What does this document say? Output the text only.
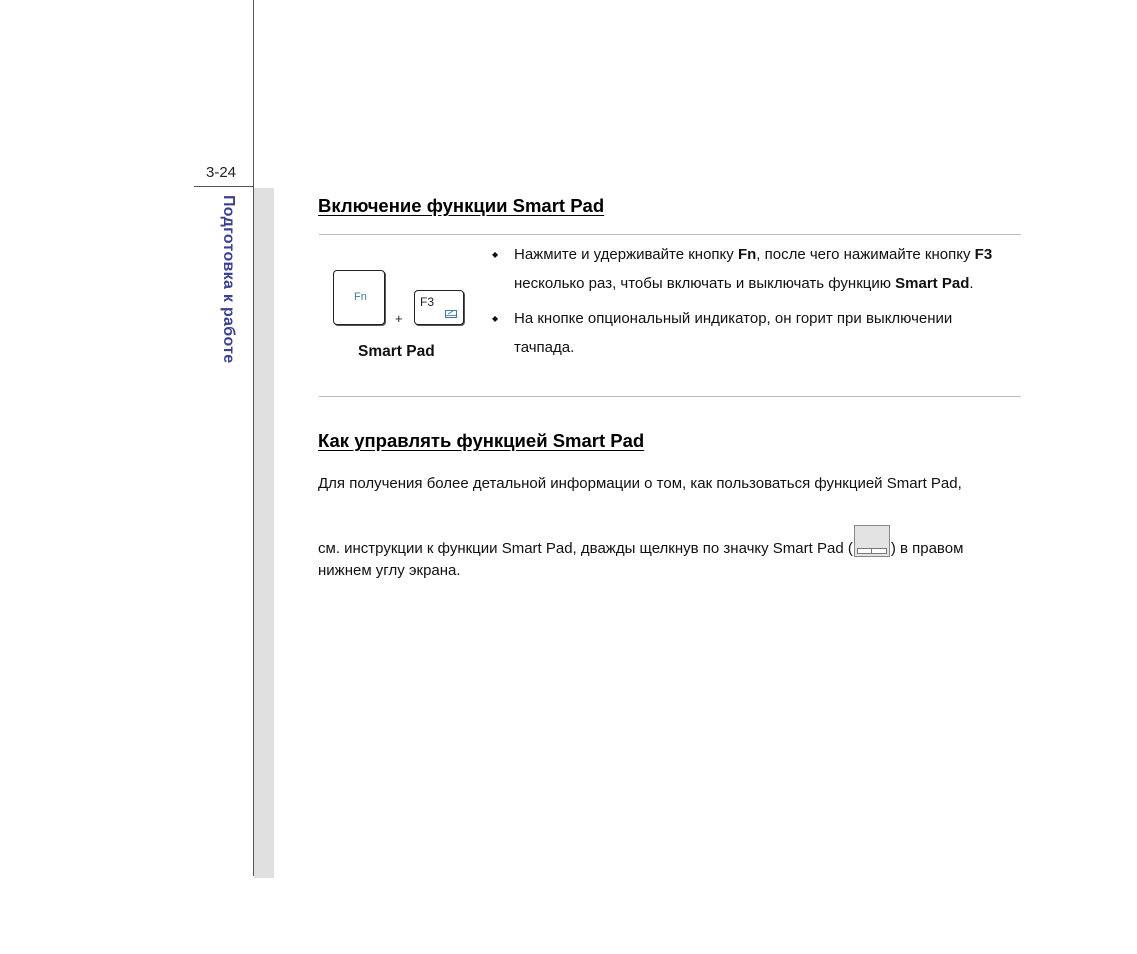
3-24
Подготовка к работе	Включение функции Smart Pad
Fn
+
F3
Smart Pad
◆ Нажмите и удерживайте кнопку Fn, после чего нажимайте кнопку F3 несколько раз, чтобы включать и выключать функцию Smart Pad.
◆ На кнопке опциональный индикатор, он горит при выключении тачпада.
Как управлять функцией Smart Pad
Для получения более детальной информации о том, как пользоваться функцией Smart Pad,
см. инструкции к функции Smart Pad, дважды щелкнув по значку Smart Pad (	) в правом
нижнем углу экрана.
